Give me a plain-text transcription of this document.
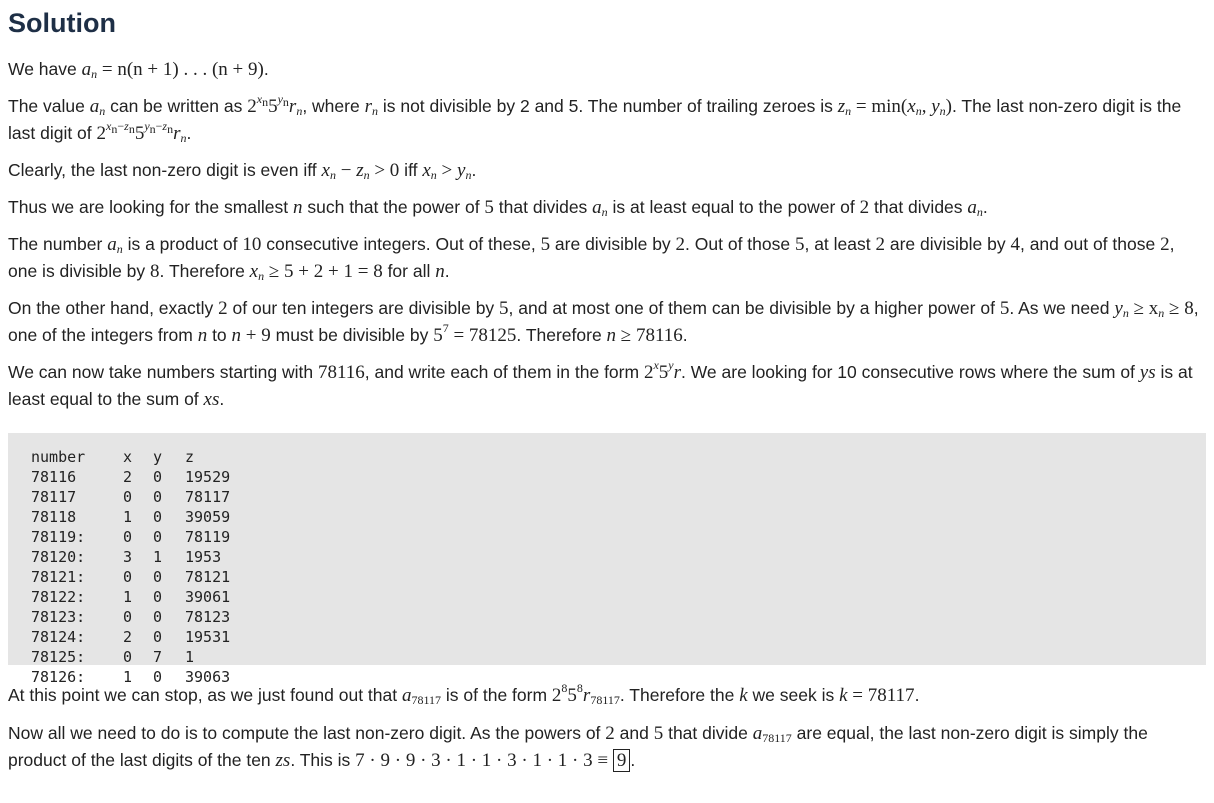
Solution

We have $a_n = n(n + 1)$ . . . (n + 9).

The value $a_n$ can be written as $2^{x_n}5^{y_n}r_n$, where $r_n$ is not divisible by 2 and 5. The number of trailing zeroes is $z_n = \min(x_n$, $y_n$). The last non-zero digit is the last digit of $2^{x_n-z_n}5^{y_n-z_n}r_n$.

Clearly, the last non-zero digit is even iff $x_n - z_n > 0$ iff $x_n > y_n$.

Thus we are looking for the smallest n such that the power of 5 that divides $a_n$ is at least equal to the power of 2 that divides $a_n$.

The number $a_n$ is a product of 10 consecutive integers. Out of these, 5 are divisible by 2. Out of those 5, at least 2 are divisible by 4, and out of those 2, one is divisible by 8. Therefore $x_n \ge 5 + 2 + 1 = 8$ for all n.

On the other hand, exactly 2 of our ten integers are divisible by 5, and at most one of them can be divisible by a higher power of 5. As we need $y_n \ge x_n \ge 8$, one of the integers from n to n + 9 must be divisible by $5^7 = 78125$. Therefore n ≥ 78116.

We can now take numbers starting with 78116, and write each of them in the form 2$^x$5$^y$r. We are looking for 10 consecutive rows where the sum of ys is at least equal to the sum of xs.

number	x	y	z
78116	2	0	19529
78117	0	0	78117
78118	1	0	39059
78119:	0	0	78119
78120:	3	1	1953
78121:	0	0	78121
78122:	1	0	39061
78123:	0	0	78123
78124:	2	0	19531
78125:	0	7	1
78126:	1	0	39063

At this point we can stop, as we just found out that $a_{78117}$ is of the form $2^85^8r_{78117}$. Therefore the k we seek is k = 78117.

Now all we need to do is to compute the last non-zero digit. As the powers of 2 and 5 that divide $a_{78117}$ are equal, the last non-zero digit is simply the product of the last digits of the ten zs. This is 7 · 9 · 9 · 3 · 1 · 1 · 3 · 1 · 1 · 3 ≡ 9 .
